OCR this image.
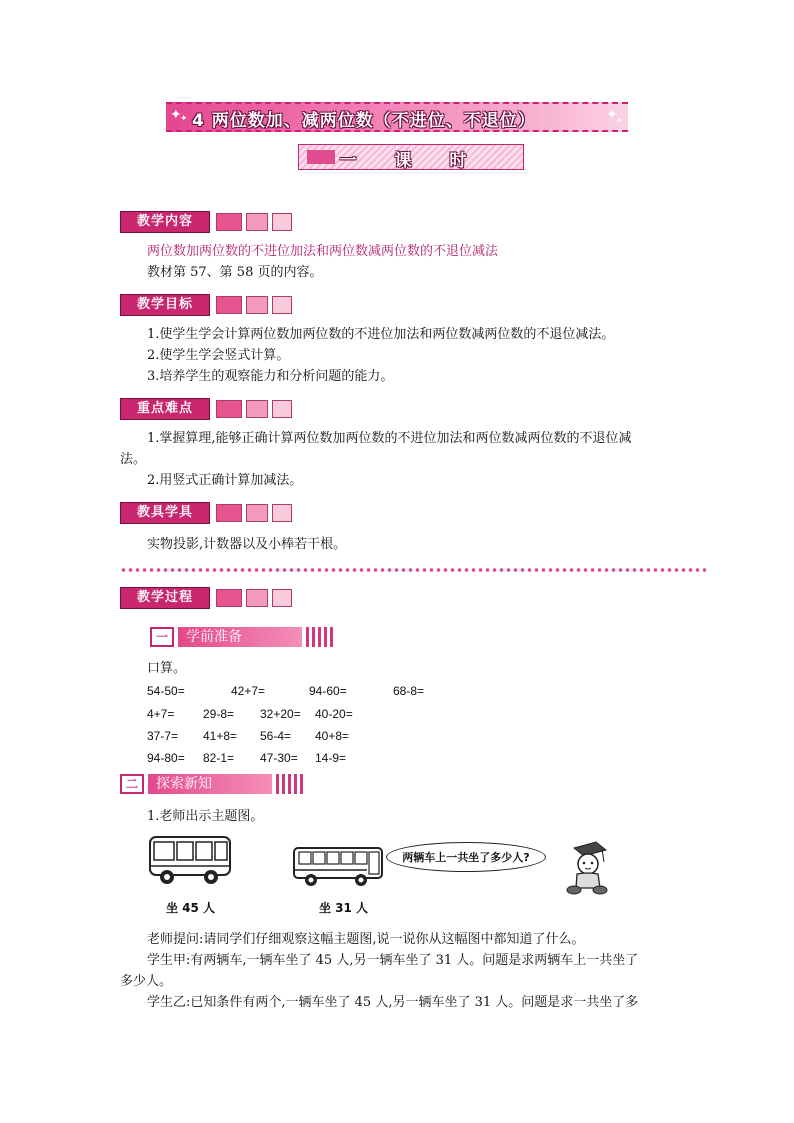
✦
✦ 4 两位数加、减两位数（不进位、不退位）	✦
✦
一 课 时
教学内容
两位数加两位数的不进位加法和两位数减两位数的不退位减法
教材第 57、第 58 页的内容。
教学目标
1.使学生学会计算两位数加两位数的不进位加法和两位数减两位数的不退位减法。
2.使学生学会竖式计算。
3.培养学生的观察能力和分析问题的能力。
重点难点
1.掌握算理,能够正确计算两位数加两位数的不进位加法和两位数减两位数的不退位减
法。
2.用竖式正确计算加减法。
教具学具
实物投影,计数器以及小棒若干根。
教学过程
一	学前准备
口算。
54-50=	42+7=	94-60=	68-8=
4+7= 29-8= 32+20= 40-20=
37-7= 41+8= 56-4= 40+8=
94-80= 82-1= 47-30= 14-9=
二	探索新知
1.老师出示主题图。
坐 45 人	坐 31 人
两辆车上一共坐了多少人?
老师提问:请同学们仔细观察这幅主题图,说一说你从这幅图中都知道了什么。
学生甲:有两辆车,一辆车坐了 45 人,另一辆车坐了 31 人。问题是求两辆车上一共坐了
多少人。
学生乙:已知条件有两个,一辆车坐了 45 人,另一辆车坐了 31 人。问题是求一共坐了多
